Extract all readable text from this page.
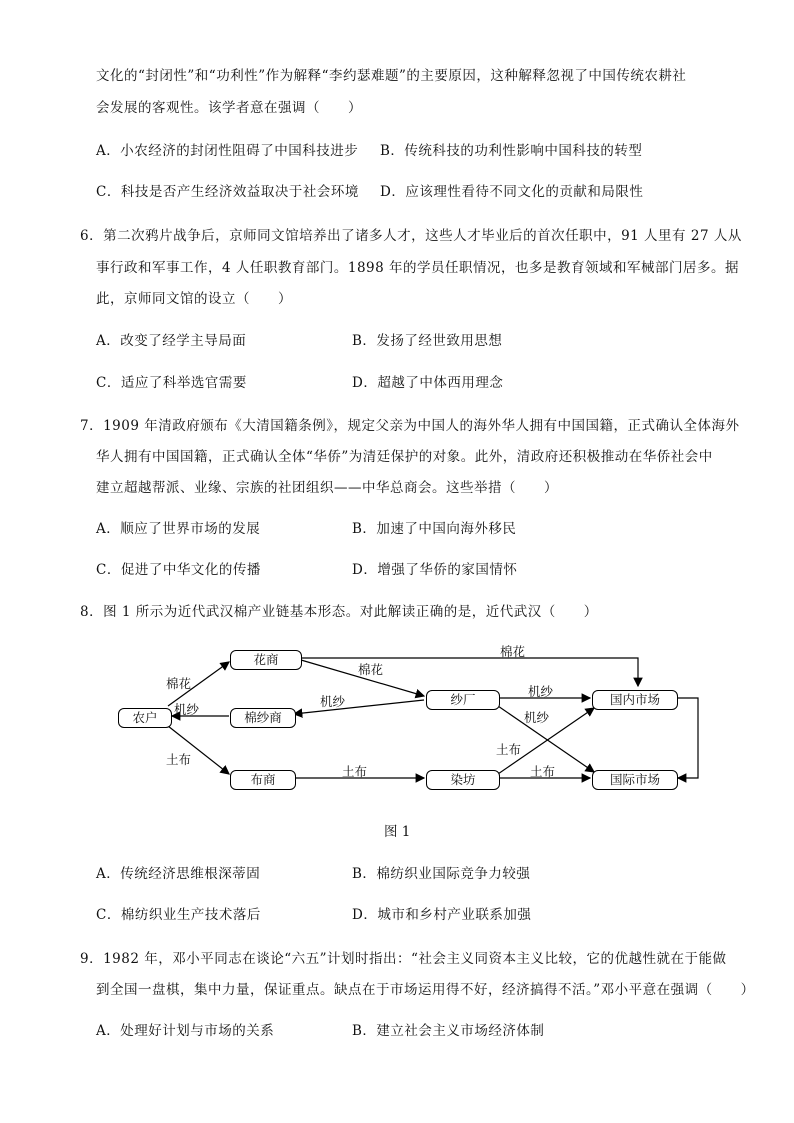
文化的“封闭性”和“功利性”作为解释“李约瑟难题”的主要原因，这种解释忽视了中国传统农耕社
会发展的客观性。该学者意在强调（　　）
A．小农经济的封闭性阻碍了中国科技进步 B．传统科技的功利性影响中国科技的转型
C．科技是否产生经济效益取决于社会环境 D．应该理性看待不同文化的贡献和局限性
6．第二次鸦片战争后，京师同文馆培养出了诸多人才，这些人才毕业后的首次任职中，91 人里有 27 人从
事行政和军事工作，4 人任职教育部门。1898 年的学员任职情况，也多是教育领域和军械部门居多。据
此，京师同文馆的设立（　　）
A．改变了经学主导局面	B．发扬了经世致用思想
C．适应了科举选官需要	D．超越了中体西用理念
7．1909 年清政府颁布《大清国籍条例》，规定父亲为中国人的海外华人拥有中国国籍，正式确认全体海外
华人拥有中国国籍，正式确认全体“华侨”为清廷保护的对象。此外，清政府还积极推动在华侨社会中
建立超越帮派、业缘、宗族的社团组织——中华总商会。这些举措（　　）
A．顺应了世界市场的发展	B．加速了中国向海外移民
C．促进了中华文化的传播	D．增强了华侨的家国情怀
8．图 1 所示为近代武汉棉产业链基本形态。对此解读正确的是，近代武汉（　　）
农户
花商
棉纱商
布商
纱厂
染坊
国内市场
国际市场
棉花
机纱
土布
棉花
机纱
土布
棉花
机纱
机纱
土布
土布
图 1
A．传统经济思维根深蒂固	B．棉纺织业国际竞争力较强
C．棉纺织业生产技术落后	D．城市和乡村产业联系加强
9．1982 年，邓小平同志在谈论“六五”计划时指出：“社会主义同资本主义比较，它的优越性就在于能做
到全国一盘棋，集中力量，保证重点。缺点在于市场运用得不好，经济搞得不活。”邓小平意在强调（　　）
A．处理好计划与市场的关系	B．建立社会主义市场经济体制
